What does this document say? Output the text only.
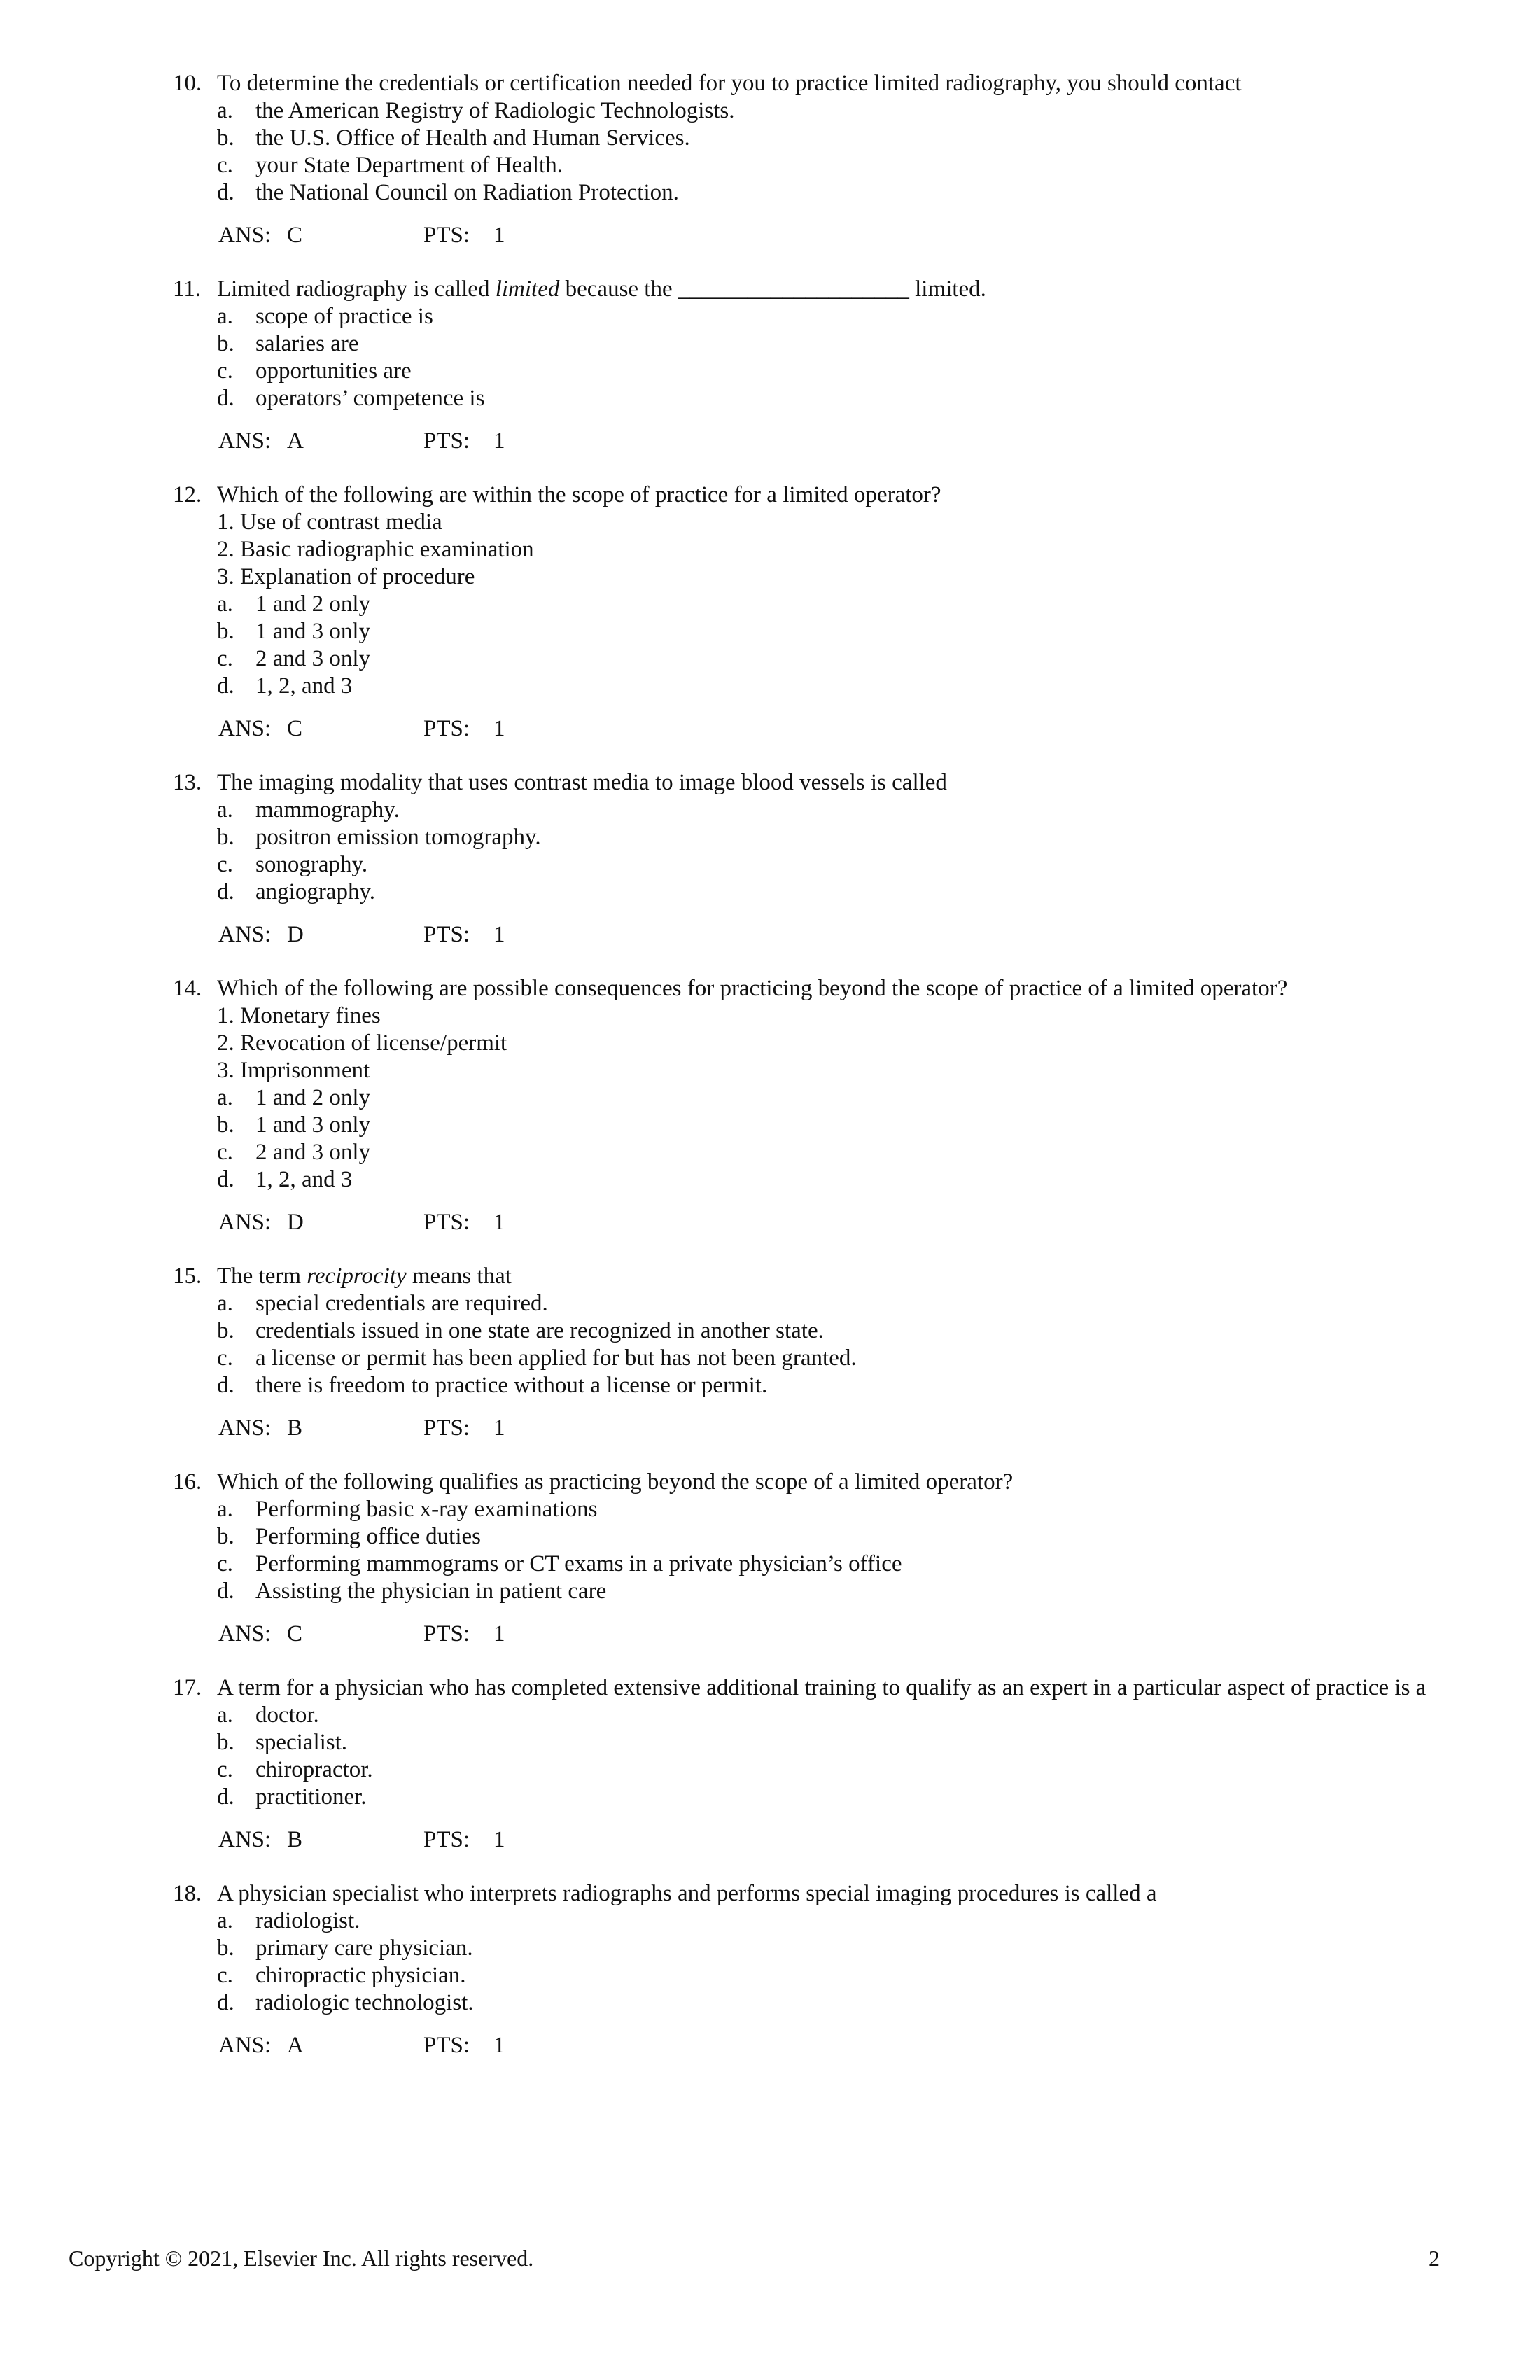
10. To determine the credentials or certification needed for you to practice limited radiography, you should contact
a. the American Registry of Radiologic Technologists.
b. the U.S. Office of Health and Human Services.
c. your State Department of Health.
d. the National Council on Radiation Protection.
ANS: C	PTS: 1
11. Limited radiography is called limited because the ____________________ limited.
a. scope of practice is
b. salaries are
c. opportunities are
d. operators’ competence is
ANS: A	PTS: 1
12. Which of the following are within the scope of practice for a limited operator?
1. Use of contrast media
2. Basic radiographic examination
3. Explanation of procedure
a. 1 and 2 only
b. 1 and 3 only
c. 2 and 3 only
d. 1, 2, and 3
ANS: C	PTS: 1
13. The imaging modality that uses contrast media to image blood vessels is called
a. mammography.
b. positron emission tomography.
c. sonography.
d. angiography.
ANS: D	PTS: 1
14. Which of the following are possible consequences for practicing beyond the scope of practice of a limited operator?
1. Monetary fines
2. Revocation of license/permit
3. Imprisonment
a. 1 and 2 only
b. 1 and 3 only
c. 2 and 3 only
d. 1, 2, and 3
ANS: D	PTS: 1
15. The term reciprocity means that
a. special credentials are required.
b. credentials issued in one state are recognized in another state.
c. a license or permit has been applied for but has not been granted.
d. there is freedom to practice without a license or permit.
ANS: B	PTS: 1
16. Which of the following qualifies as practicing beyond the scope of a limited operator?
a. Performing basic x-ray examinations
b. Performing office duties
c. Performing mammograms or CT exams in a private physician’s office
d. Assisting the physician in patient care
ANS: C	PTS: 1
17. A term for a physician who has completed extensive additional training to qualify as an expert in a particular aspect of practice is a
a. doctor.
b. specialist.
c. chiropractor.
d. practitioner.
ANS: B	PTS: 1
18. A physician specialist who interprets radiographs and performs special imaging procedures is called a
a. radiologist.
b. primary care physician.
c. chiropractic physician.
d. radiologic technologist.
ANS: A	PTS: 1
Copyright © 2021, Elsevier Inc. All rights reserved.	2
